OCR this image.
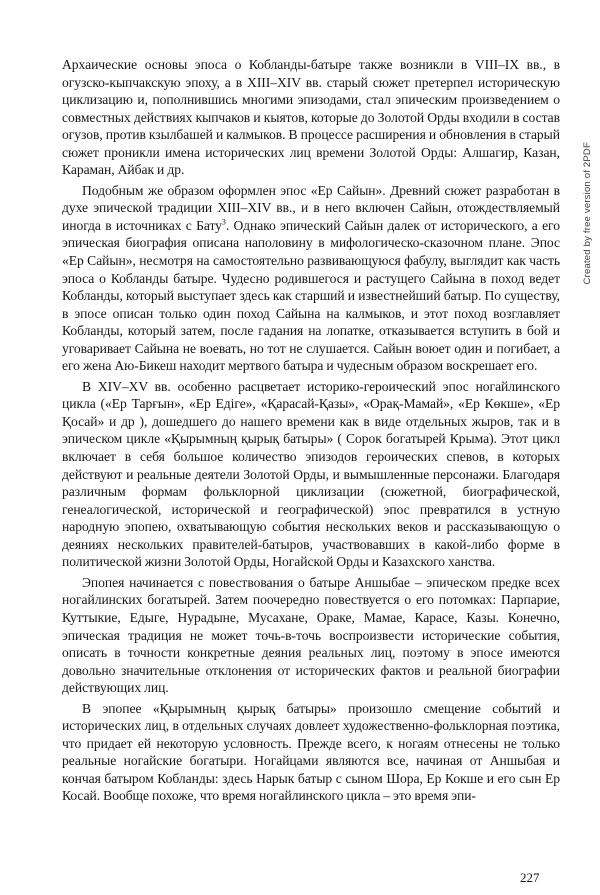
Архаические основы эпоса о Кобланды-батыре также возникли в VIII–IX вв., в огузско-кыпчакскую эпоху, а в XIII–XIV вв. старый сюжет претерпел историческую циклизацию и, пополнившись многими эпизодами, стал эпическим произведением о совместных действиях кыпчаков и кыятов, которые до Золотой Орды входили в состав огузов, против кзылбашей и калмыков. В процессе расширения и обновления в старый сюжет проникли имена исторических лиц времени Золотой Орды: Алшагир, Казан, Караман, Айбак и др.

Подобным же образом оформлен эпос «Ер Сайын». Древний сюжет разработан в духе эпической традиции XIII–XIV вв., и в него включен Сайын, отождествляемый иногда в источниках с Бату$^3$. Однако эпический Сайын далек от исторического, а его эпическая биография описана наполовину в мифологическо-сказочном плане. Эпос «Ер Сайын», несмотря на самостоятельно развивающуюся фабулу, выглядит как часть эпоса о Кобланды батыре. Чудесно родившегося и растущего Сайына в поход ведет Кобланды, который выступает здесь как старший и известнейший батыр. По существу, в эпосе описан только один поход Сайына на калмыков, и этот поход возглавляет Кобланды, который затем, после гадания на лопатке, отказывается вступить в бой и уговаривает Сайына не воевать, но тот не слушается. Сайын воюет один и погибает, а его жена Аю-Бикеш находит мертвого батыра и чудесным образом воскрешает его.

В XIV–XV вв. особенно расцветает историко-героический эпос ногайлинского цикла («Ер Тарғын», «Ер Едіге», «Қарасай-Қазы», «Орақ-Мамай», «Ер Көкше», «Ер Қосай» и др ), дошедшего до нашего времени как в виде отдельных жыров, так и в эпическом цикле «Қырымның қырық батыры» ( Сорок богатырей Крыма). Этот цикл включает в себя большое количество эпизодов героических спевов, в которых действуют и реальные деятели Золотой Орды, и вымышленные персонажи. Благодаря различным формам фольклорной циклизации (сюжетной, биографической, генеалогической, исторической и географической) эпос превратился в устную народную эпопею, охватывающую события нескольких веков и рассказывающую о деяниях нескольких правителей-батыров, участвовавших в какой-либо форме в политической жизни Золотой Орды, Ногайской Орды и Казахского ханства.

Эпопея начинается с повествования о батыре Аншыбае – эпическом предке всех ногайлинских богатырей. Затем поочередно повествуется о его потомках: Парпарие, Куттыкие, Едыге, Нурадыне, Мусахане, Ораке, Мамае, Карасе, Казы. Конечно, эпическая традиция не может точь-в-точь воспроизвести исторические события, описать в точности конкретные деяния реальных лиц, поэтому в эпосе имеются довольно значительные отклонения от исторических фактов и реальной биографии действующих лиц.

В эпопее «Қырымның қырық батыры» произошло смещение событий и исторических лиц, в отдельных случаях довлеет художественно-фольклорная поэтика, что придает ей некоторую условность. Прежде всего, к ногаям отнесены не только реальные ногайские богатыри. Ногайцами являются все, начиная от Аншыбая и кончая батыром Кобланды: здесь Нарык батыр с сыном Шора, Ер Кокше и его сын Ер Косай. Вообще похоже, что время ногайлинского цикла – это время эпи-

Created by free version of 2PDF
227
